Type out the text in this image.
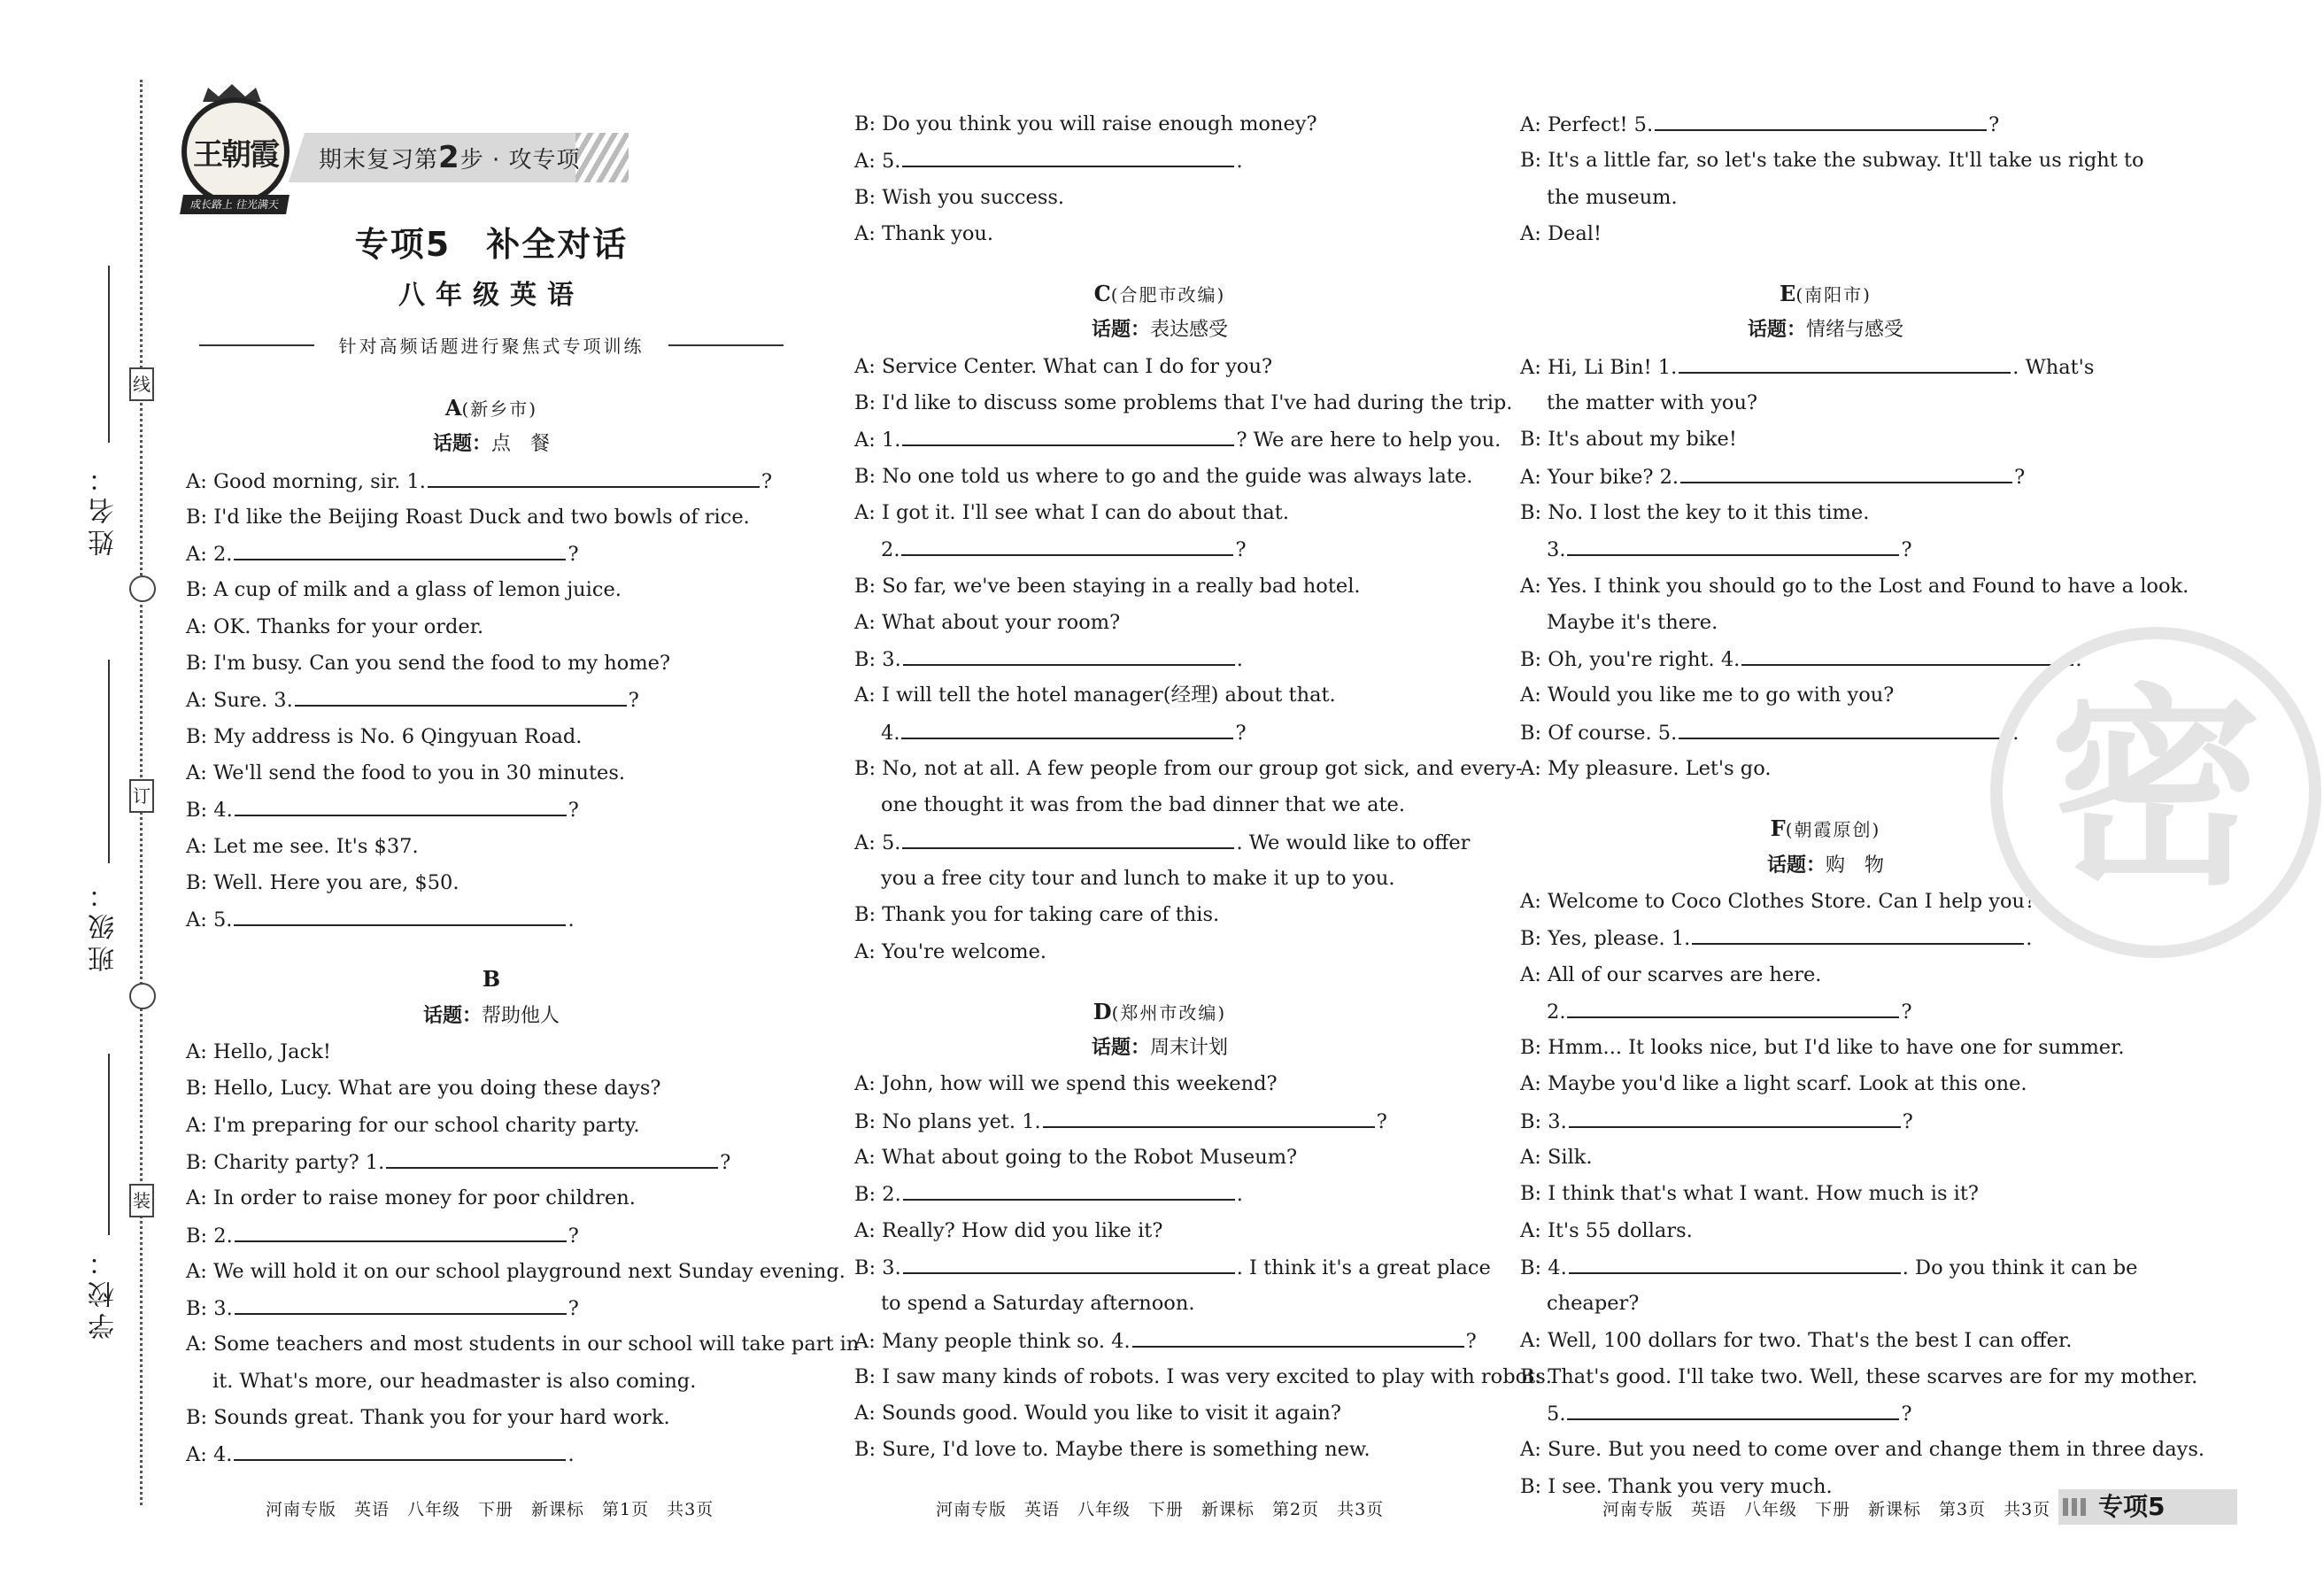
姓名：
班级：
学校：
线
订
装
期末复习第2步 · 攻专项
王朝霞
成长路上 往光满天
专项5　补全对话
八年级英语
针对高频话题进行聚焦式专项训练
A(新乡市)
话题：点　餐
A: Good morning, sir. 1.	?
B: I'd like the Beijing Roast Duck and two bowls of rice.
A: 2.	?
B: A cup of milk and a glass of lemon juice.
A: OK. Thanks for your order.
B: I'm busy. Can you send the food to my home?
A: Sure. 3.	?
B: My address is No. 6 Qingyuan Road.
A: We'll send the food to you in 30 minutes.
B: 4.	?
A: Let me see. It's $37.
B: Well. Here you are, $50.
A: 5.	.
B
话题：帮助他人
A: Hello, Jack!
B: Hello, Lucy. What are you doing these days?
A: I'm preparing for our school charity party.
B: Charity party? 1.	?
A: In order to raise money for poor children.
B: 2.	?
A: We will hold it on our school playground next Sunday evening.
B: 3.	?
A: Some teachers and most students in our school will take part in
it. What's more, our headmaster is also coming.
B: Sounds great. Thank you for your hard work.
A: 4.	.
B: Do you think you will raise enough money?
A: 5.	.
B: Wish you success.
A: Thank you.
C(合肥市改编)
话题：表达感受
A: Service Center. What can I do for you?
B: I'd like to discuss some problems that I've had during the trip.
A: 1.	? We are here to help you.
B: No one told us where to go and the guide was always late.
A: I got it. I'll see what I can do about that.
2.	?
B: So far, we've been staying in a really bad hotel.
A: What about your room?
B: 3.	.
A: I will tell the hotel manager(经理) about that.
4.	?
B: No, not at all. A few people from our group got sick, and every-
one thought it was from the bad dinner that we ate.
A: 5.	. We would like to offer
you a free city tour and lunch to make it up to you.
B: Thank you for taking care of this.
A: You're welcome.
D(郑州市改编)
话题：周末计划
A: John, how will we spend this weekend?
B: No plans yet. 1.	?
A: What about going to the Robot Museum?
B: 2.	.
A: Really? How did you like it?
B: 3.	. I think it's a great place
to spend a Saturday afternoon.
A: Many people think so. 4.	?
B: I saw many kinds of robots. I was very excited to play with robots.
A: Sounds good. Would you like to visit it again?
B: Sure, I'd love to. Maybe there is something new.
A: Perfect! 5.	?
B: It's a little far, so let's take the subway. It'll take us right to
the museum.
A: Deal!
E(南阳市)
话题：情绪与感受
A: Hi, Li Bin! 1.	. What's
the matter with you?
B: It's about my bike!
A: Your bike? 2.	?
B: No. I lost the key to it this time.
3.	?
A: Yes. I think you should go to the Lost and Found to have a look.
Maybe it's there.
B: Oh, you're right. 4.	.
A: Would you like me to go with you?
B: Of course. 5.	.
A: My pleasure. Let's go.
F(朝霞原创)
话题：购　物
A: Welcome to Coco Clothes Store. Can I help you?
B: Yes, please. 1.	.
A: All of our scarves are here.
2.	?
B: Hmm... It looks nice, but I'd like to have one for summer.
A: Maybe you'd like a light scarf. Look at this one.
B: 3.	?
A: Silk.
B: I think that's what I want. How much is it?
A: It's 55 dollars.
B: 4.	. Do you think it can be
cheaper?
A: Well, 100 dollars for two. That's the best I can offer.
B: That's good. I'll take two. Well, these scarves are for my mother.
5.	?
A: Sure. But you need to come over and change them in three days.
B: I see. Thank you very much.
密
河南专版　英语　八年级　下册　新课标　第1页　共3页	河南专版　英语　八年级　下册　新课标　第2页　共3页	河南专版　英语　八年级　下册　新课标　第3页　共3页 专项5
